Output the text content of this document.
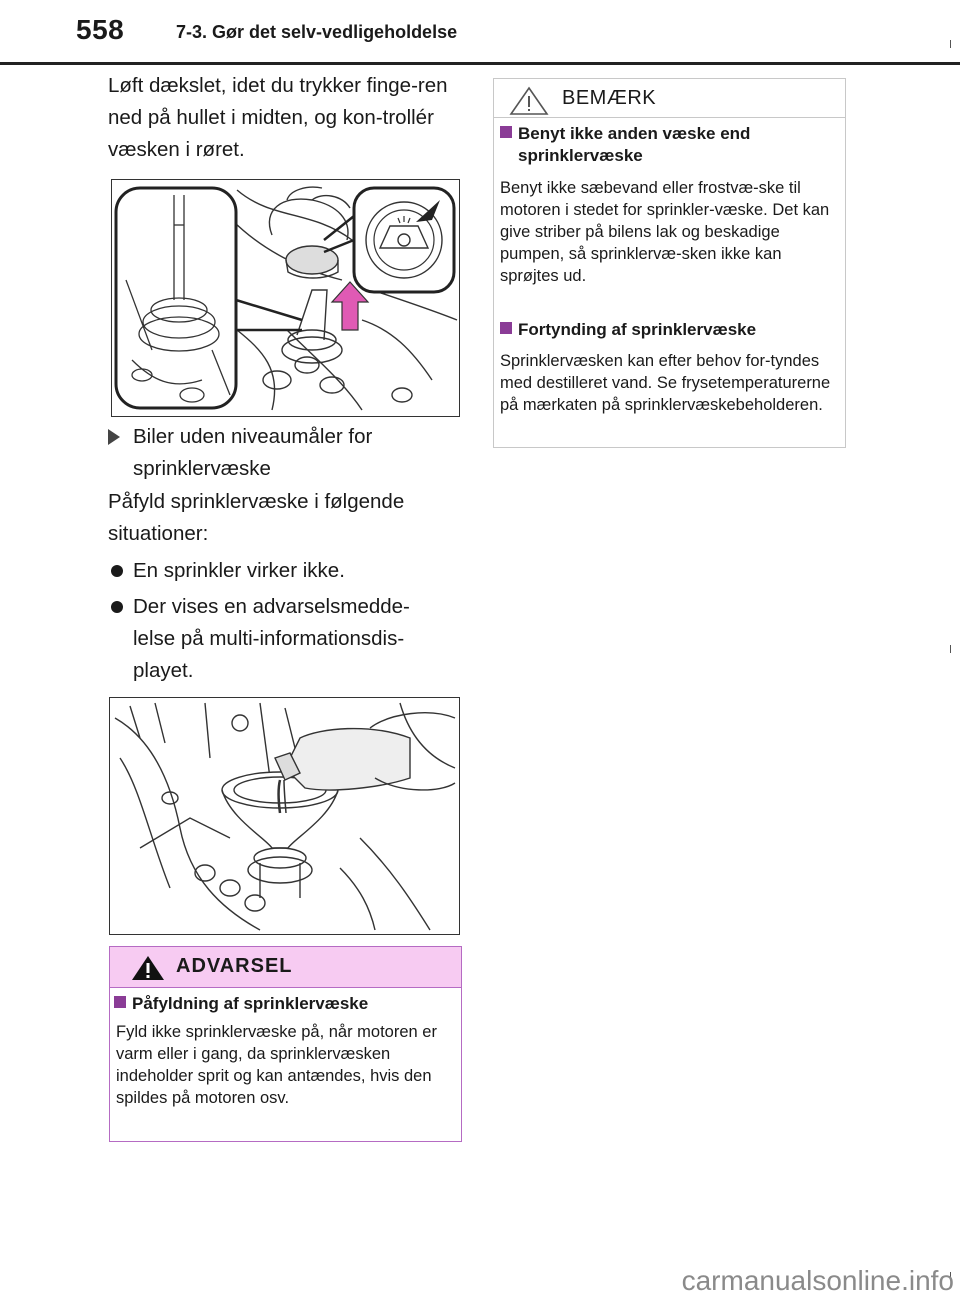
558	7-3. Gør det selv-vedligeholdelse
Løft dækslet, idet du trykker finge-ren ned på hullet i midten, og kon-trollér væsken i røret.
Biler uden niveaumåler for sprinklervæske
Påfyld sprinklervæske i følgende situationer:
En sprinkler virker ikke.
Der vises en advarselsmedde-lelse på multi-informationsdis-playet.
ADVARSEL
Påfyldning af sprinklervæske
Fyld ikke sprinklervæske på, når motoren er varm eller i gang, da sprinklervæsken indeholder sprit og kan antændes, hvis den spildes på motoren osv.
BEMÆRK
Benyt ikke anden væske end
sprinklervæske
Benyt ikke sæbevand eller frostvæ-ske til motoren i stedet for sprinkler-væske. Det kan give striber på bilens lak og beskadige pumpen, så sprinklervæ-sken ikke kan sprøjtes ud.
Fortynding af sprinklervæske
Sprinklervæsken kan efter behov for-tyndes med destilleret vand. Se frysetemperaturerne på mærkaten på sprinklervæskebeholderen.
carmanualsonline.info
